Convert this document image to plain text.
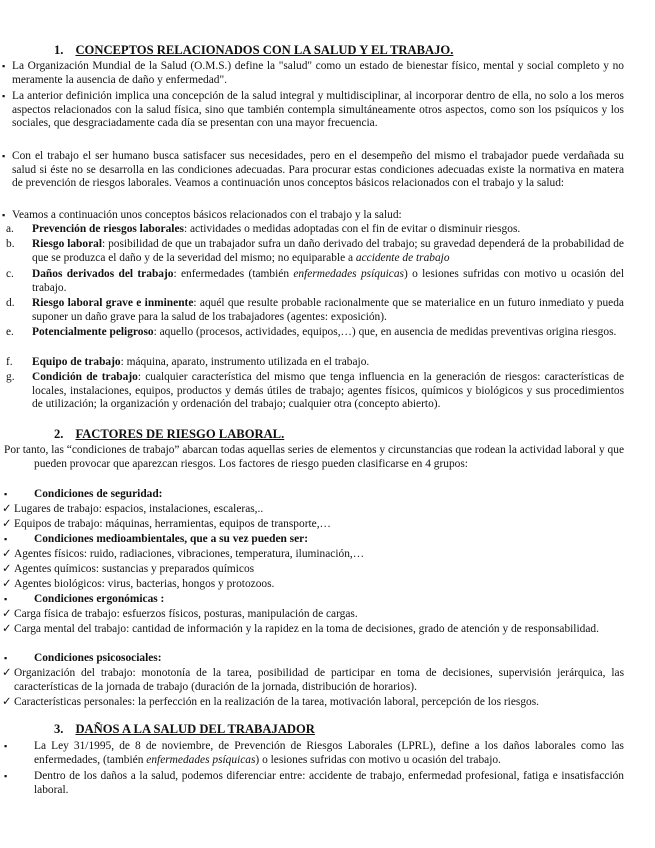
1. CONCEPTOS RELACIONADOS CON LA SALUD Y EL TRABAJO.
▪ La Organización Mundial de la Salud (O.M.S.) define la "salud" como un estado de bienestar físico, mental y social completo y no meramente la ausencia de daño y enfermedad".
▪ La anterior definición implica una concepción de la salud integral y multidisciplinar, al incorporar dentro de ella, no solo a los meros aspectos relacionados con la salud física, sino que también contempla simultáneamente otros aspectos, como son los psíquicos y los sociales, que desgraciadamente cada día se presentan con una mayor frecuencia.
▪ Con el trabajo el ser humano busca satisfacer sus necesidades, pero en el desempeño del mismo el trabajador puede verdañada su salud si éste no se desarrolla en las condiciones adecuadas. Para procurar estas condiciones adecuadas existe la normativa en matera de prevención de riesgos laborales. Veamos a continuación unos conceptos básicos relacionados con el trabajo y la salud:
▪ Veamos a continuación unos conceptos básicos relacionados con el trabajo y la salud:
a. Prevención de riesgos laborales: actividades o medidas adoptadas con el fin de evitar o disminuir riesgos.
b. Riesgo laboral: posibilidad de que un trabajador sufra un daño derivado del trabajo; su gravedad dependerá de la probabilidad de que se produzca el daño y de la severidad del mismo; no equiparable a accidente de trabajo
c. Daños derivados del trabajo: enfermedades (también enfermedades psíquicas) o lesiones sufridas con motivo u ocasión del trabajo.
d. Riesgo laboral grave e inminente: aquél que resulte probable racionalmente que se materialice en un futuro inmediato y pueda suponer un daño grave para la salud de los trabajadores (agentes: exposición).
e. Potencialmente peligroso: aquello (procesos, actividades, equipos,…) que, en ausencia de medidas preventivas origina riesgos.
f. Equipo de trabajo: máquina, aparato, instrumento utilizada en el trabajo.
g. Condición de trabajo: cualquier característica del mismo que tenga influencia en la generación de riesgos: características de locales, instalaciones, equipos, productos y demás útiles de trabajo; agentes físicos, químicos y biológicos y sus procedimientos de utilización; la organización y ordenación del trabajo; cualquier otra (concepto abierto).
2. FACTORES DE RIESGO LABORAL.
Por tanto, las “condiciones de trabajo” abarcan todas aquellas series de elementos y circunstancias que rodean la actividad laboral y que pueden provocar que aparezcan riesgos. Los factores de riesgo pueden clasificarse en 4 grupos:
▪ Condiciones de seguridad:
✓ Lugares de trabajo: espacios, instalaciones, escaleras,..
✓ Equipos de trabajo: máquinas, herramientas, equipos de transporte,…
▪ Condiciones medioambientales, que a su vez pueden ser:
✓ Agentes físicos: ruido, radiaciones, vibraciones, temperatura, iluminación,…
✓ Agentes químicos: sustancias y preparados químicos
✓ Agentes biológicos: virus, bacterias, hongos y protozoos.
▪ Condiciones ergonómicas :
✓ Carga física de trabajo: esfuerzos físicos, posturas, manipulación de cargas.
✓ Carga mental del trabajo: cantidad de información y la rapidez en la toma de decisiones, grado de atención y de responsabilidad.
▪ Condiciones psicosociales:
✓ Organización del trabajo: monotonía de la tarea, posibilidad de participar en toma de decisiones, supervisión jerárquica, las características de la jornada de trabajo (duración de la jornada, distribución de horarios).
✓ Características personales: la perfección en la realización de la tarea, motivación laboral, percepción de los riesgos.
3. DAÑOS A LA SALUD DEL TRABAJADOR
▪ La Ley 31/1995, de 8 de noviembre, de Prevención de Riesgos Laborales (LPRL), define a los daños laborales como las enfermedades, (también enfermedades psíquicas) o lesiones sufridas con motivo u ocasión del trabajo.
▪ Dentro de los daños a la salud, podemos diferenciar entre: accidente de trabajo, enfermedad profesional, fatiga e insatisfacción laboral.
